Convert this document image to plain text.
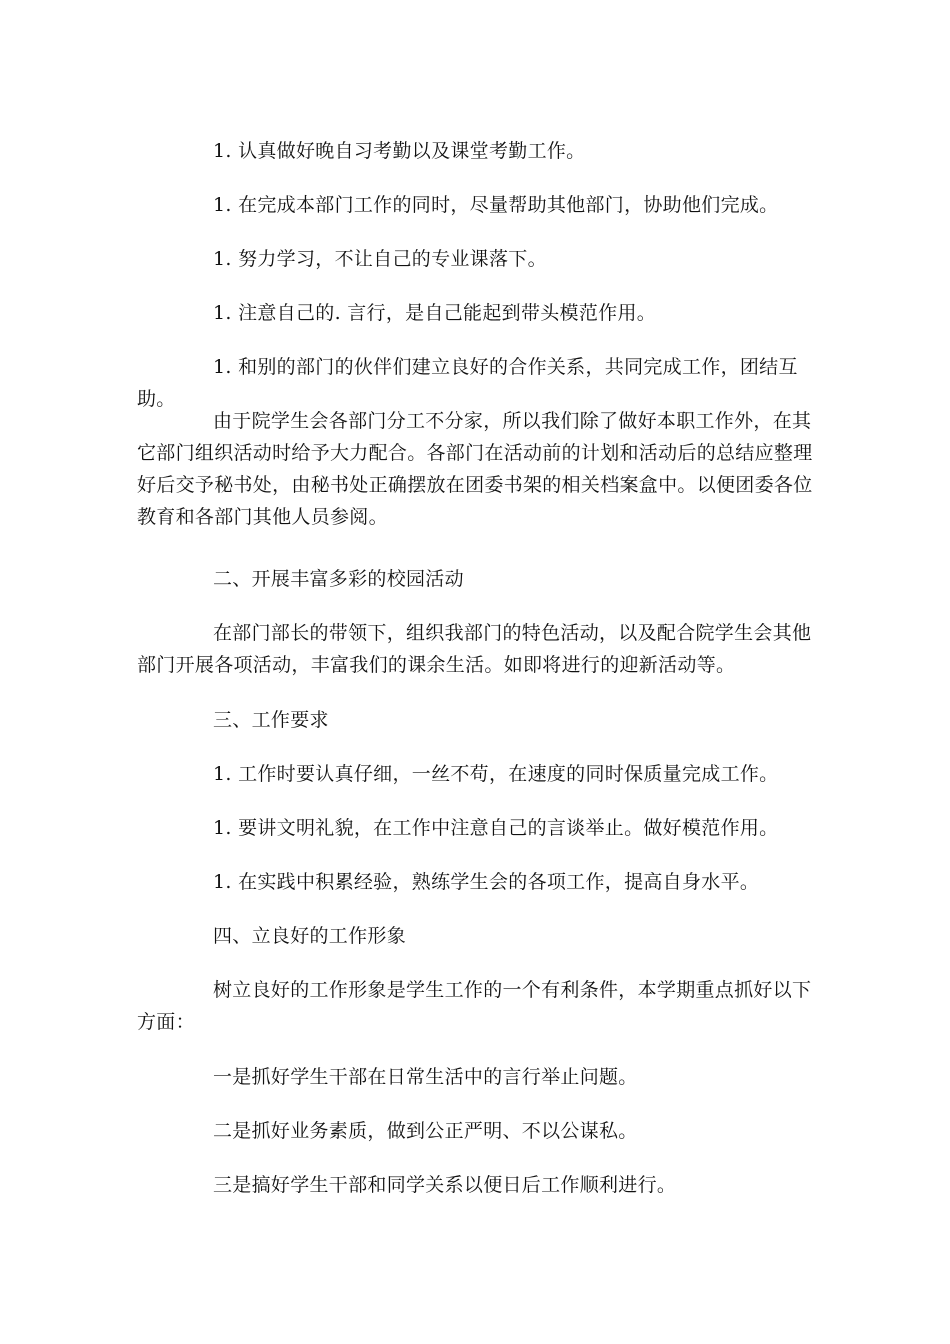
1. 认真做好晚自习考勤以及课堂考勤工作。

1. 在完成本部门工作的同时，尽量帮助其他部门，协助他们完成。

1. 努力学习，不让自己的专业课落下。

1. 注意自己的. 言行，是自己能起到带头模范作用。

1. 和别的部门的伙伴们建立良好的合作关系，共同完成工作，团结互助。

由于院学生会各部门分工不分家，所以我们除了做好本职工作外，在其它部门组织活动时给予大力配合。各部门在活动前的计划和活动后的总结应整理好后交予秘书处，由秘书处正确摆放在团委书架的相关档案盒中。以便团委各位教育和各部门其他人员参阅。

二、开展丰富多彩的校园活动

在部门部长的带领下，组织我部门的特色活动，以及配合院学生会其他部门开展各项活动，丰富我们的课余生活。如即将进行的迎新活动等。

三、工作要求

1. 工作时要认真仔细，一丝不苟，在速度的同时保质量完成工作。

1. 要讲文明礼貌，在工作中注意自己的言谈举止。做好模范作用。

1. 在实践中积累经验，熟练学生会的各项工作，提高自身水平。

四、立良好的工作形象

树立良好的工作形象是学生工作的一个有利条件，本学期重点抓好以下方面：

一是抓好学生干部在日常生活中的言行举止问题。

二是抓好业务素质，做到公正严明、不以公谋私。

三是搞好学生干部和同学关系以便日后工作顺利进行。
